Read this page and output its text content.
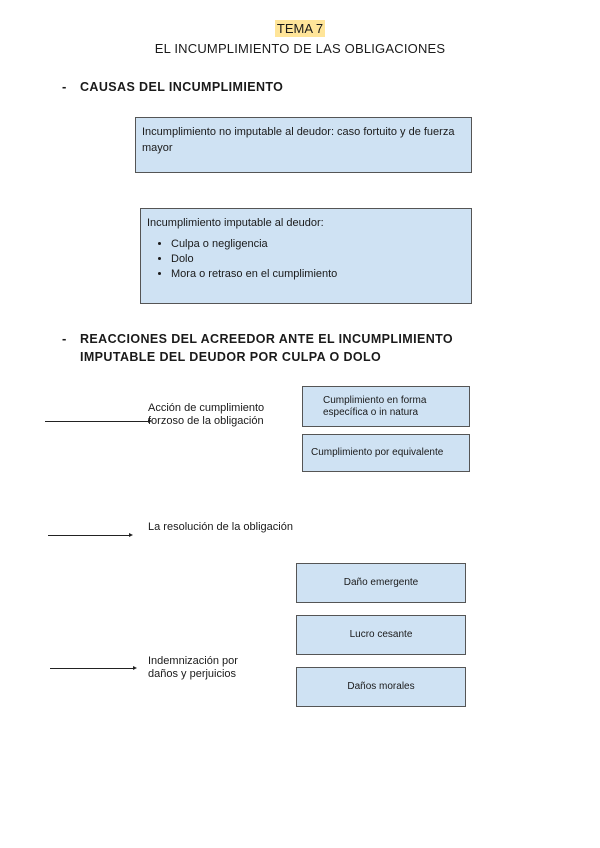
TEMA 7
EL INCUMPLIMIENTO DE LAS OBLIGACIONES
- CAUSAS DEL INCUMPLIMIENTO
Incumplimiento no imputable al deudor: caso fortuito y de fuerza mayor
Incumplimiento imputable al deudor:
• Culpa o negligencia
• Dolo
• Mora o retraso en el cumplimiento
- REACCIONES DEL ACREEDOR ANTE EL INCUMPLIMIENTO
IMPUTABLE DEL DEUDOR POR CULPA O DOLO
Acción de cumplimiento forzoso de la obligación
Cumplimiento en forma específica o in natura
Cumplimiento por equivalente
La resolución de la obligación
Daño emergente
Lucro cesante
Daños morales
Indemnización por daños y perjuicios
